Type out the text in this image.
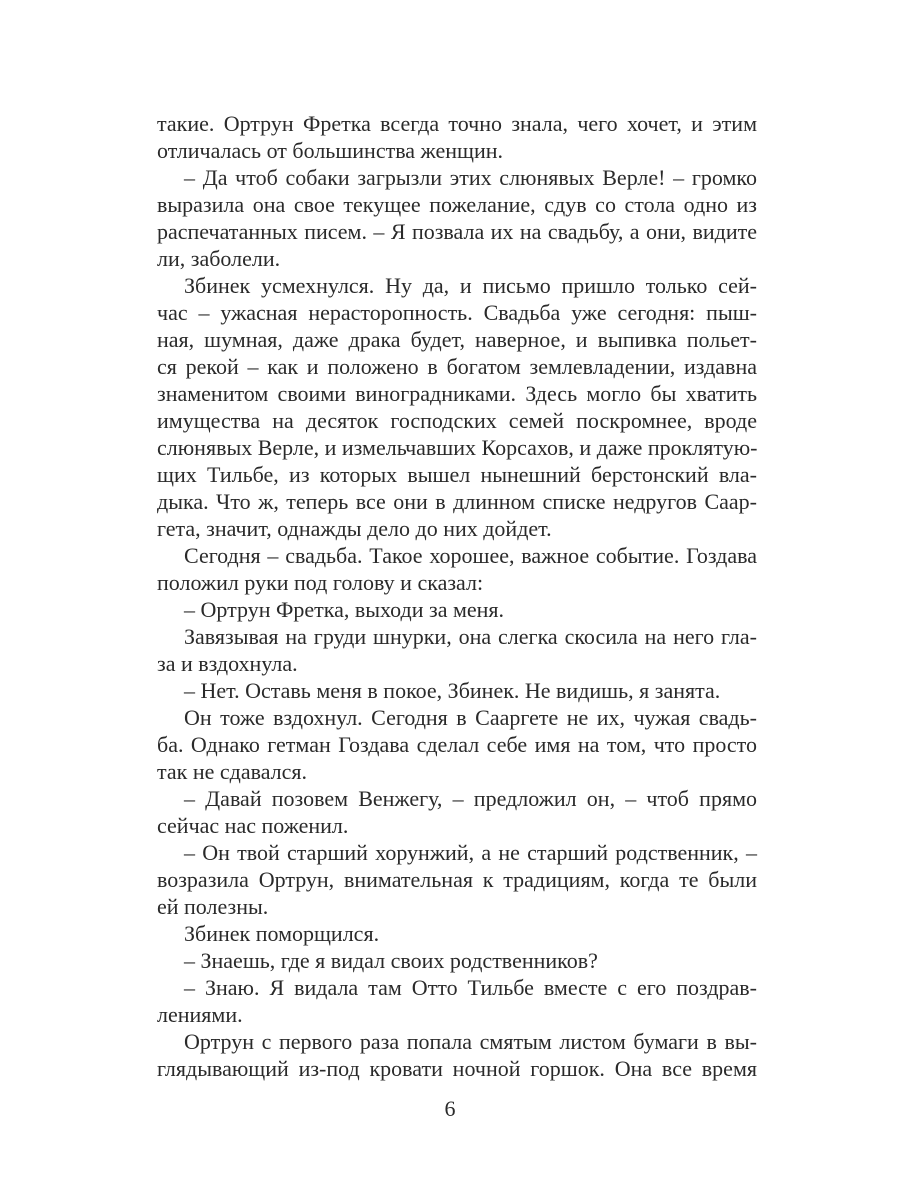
такие. Ортрун Фретка всегда точно знала, чего хочет, и этим
отличалась от большинства женщин.
– Да чтоб собаки загрызли этих слюнявых Верле! – громко
выразила она свое текущее пожелание, сдув со стола одно из
распечатанных писем. – Я позвала их на свадьбу, а они, видите
ли, заболели.
Збинек усмехнулся. Ну да, и письмо пришло только сей-
час – ужасная нерасторопность. Свадьба уже сегодня: пыш-
ная, шумная, даже драка будет, наверное, и выпивка польет-
ся рекой – как и положено в богатом землевладении, издавна
знаменитом своими виноградниками. Здесь могло бы хватить
имущества на десяток господских семей поскромнее, вроде
слюнявых Верле, и измельчавших Корсахов, и даже проклятую-
щих Тильбе, из которых вышел нынешний берстонский вла-
дыка. Что ж, теперь все они в длинном списке недругов Саар-
гета, значит, однажды дело до них дойдет.
Сегодня – свадьба. Такое хорошее, важное событие. Гоздава
положил руки под голову и сказал:
– Ортрун Фретка, выходи за меня.
Завязывая на груди шнурки, она слегка скосила на него гла-
за и вздохнула.
– Нет. Оставь меня в покое, Збинек. Не видишь, я занята.
Он тоже вздохнул. Сегодня в Сааргете не их, чужая свадь-
ба. Однако гетман Гоздава сделал себе имя на том, что просто
так не сдавался.
– Давай позовем Венжегу, – предложил он, – чтоб прямо
сейчас нас поженил.
– Он твой старший хорунжий, а не старший родственник, –
возразила Ортрун, внимательная к традициям, когда те были
ей полезны.
Збинек поморщился.
– Знаешь, где я видал своих родственников?
– Знаю. Я видала там Отто Тильбе вместе с его поздрав-
лениями.
Ортрун с первого раза попала смятым листом бумаги в вы-
глядывающий из-под кровати ночной горшок. Она все время
6
